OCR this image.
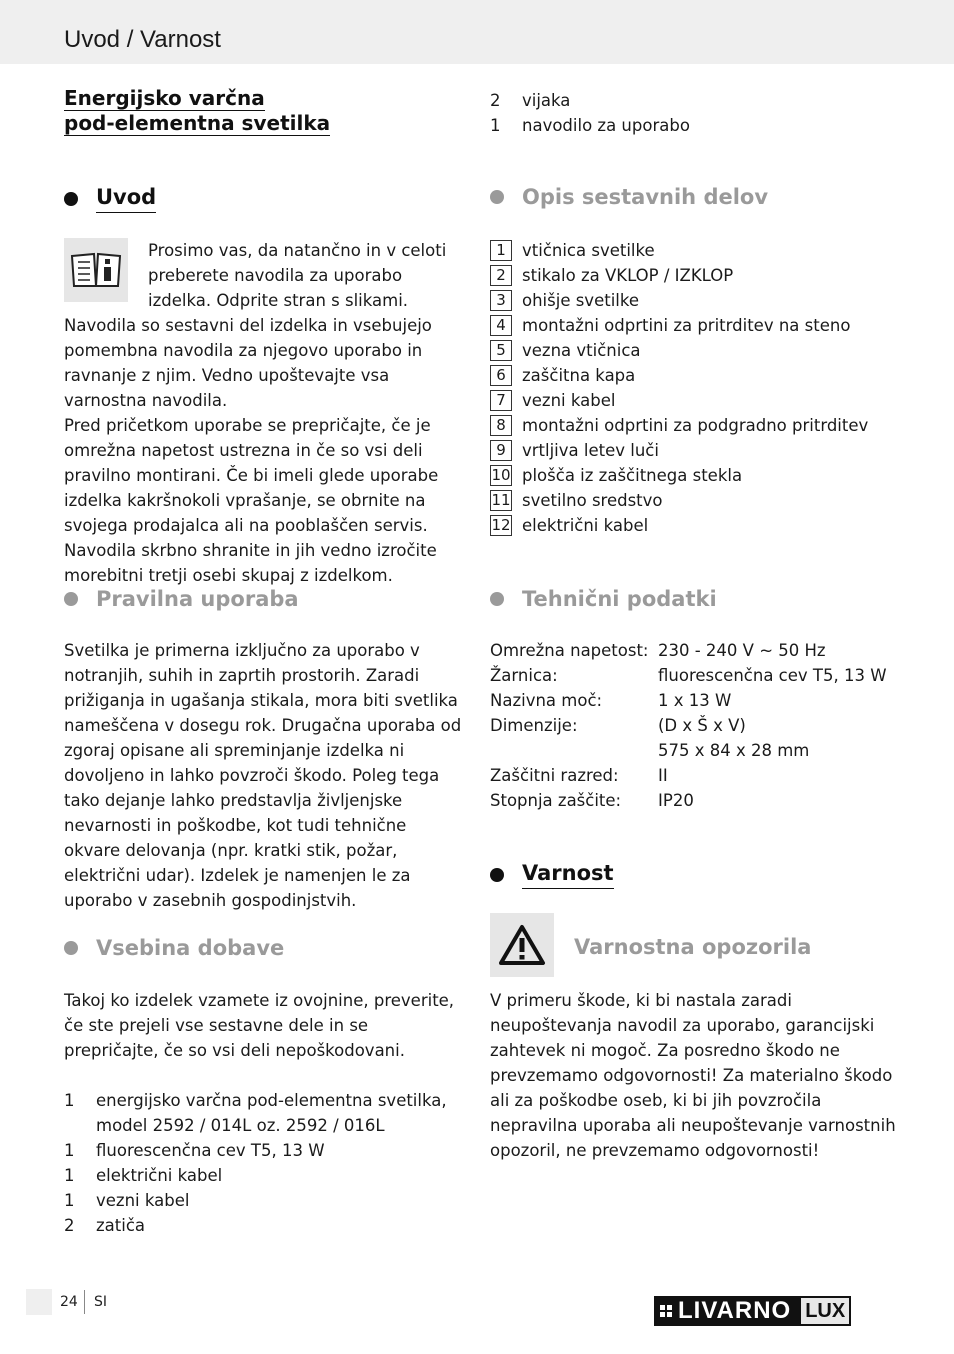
Uvod / Varnost
Energijsko varčna
pod-elementna svetilka
Uvod

Prosimo vas, da natančno in v celoti preberete navodila za uporabo izdelka. Odprite stran s slikami. Navodila so sestavni del izdelka in vsebujejo pomembna navodila za njegovo uporabo in ravnanje z njim. Vedno upoštevajte vsa varnostna navodila.

Pred pričetkom uporabe se prepričajte, če je omrežna napetost ustrezna in če so vsi deli pravilno montirani. Če bi imeli glede uporabe izdelka kakršnokoli vprašanje, se obrnite na svojega prodajalca ali na pooblaščen servis. Navodila skrbno shranite in jih vedno izročite morebitni tretji osebi skupaj z izdelkom.

Pravilna uporaba

Svetilka je primerna izključno za uporabo v notranjih, suhih in zaprtih prostorih. Zaradi prižiganja in ugašanja stikala, mora biti svetlika nameščena v dosegu rok. Drugačna uporaba od zgoraj opisane ali spreminjanje izdelka ni dovoljeno in lahko povzroči škodo. Poleg tega tako dejanje lahko predstavlja življenjske nevarnosti in poškodbe, kot tudi tehnične okvare delovanja (npr. kratki stik, požar, električni udar). Izdelek je namenjen le za uporabo v zasebnih gospodinjstvih.

Vsebina dobave

Takoj ko izdelek vzamete iz ovojnine, preverite, če ste prejeli vse sestavne dele in se prepričajte, če so vsi deli nepoškodovani.

1	energijsko varčna pod-elementna svetilka, model 2592 / 014L oz. 2592 / 016L
1	fluorescenčna cev T5, 13 W
1	električni kabel
1	vezni kabel
2	zatiča
2	vijaka
1	navodilo za uporabo
Opis sestavnih delov
1 vtičnica svetilke
2 stikalo za VKLOP / IZKLOP
3 ohišje svetilke
4 montažni odprtini za pritrditev na steno
5 vezna vtičnica
6 zaščitna kapa
7 vezni kabel
8 montažni odprtini za podgradno pritrditev
9 vrtljiva letev luči
10 plošča iz zaščitnega stekla
11 svetilno sredstvo
12 električni kabel
Tehnični podatki
Omrežna napetost: 230 - 240 V ~ 50 Hz
Žarnica:	fluorescenčna cev T5, 13 W
Nazivna moč:	1 x 13 W
Dimenzije:	(D x Š x V)
575 x 84 x 28 mm
Zaščitni razred:	II
Stopnja zaščite:	IP20
Varnost
Varnostna opozorila

V primeru škode, ki bi nastala zaradi neupoštevanja navodil za uporabo, garancijski zahtevek ni mogoč. Za posredno škodo ne prevzemamo odgovornosti! Za materialno škodo ali za poškodbe oseb, ki bi jih povzročila nepravilna uporaba ali neupoštevanje varnostnih opozoril, ne prevzemamo odgovornosti!

24 SI	LIVARNO LUX
